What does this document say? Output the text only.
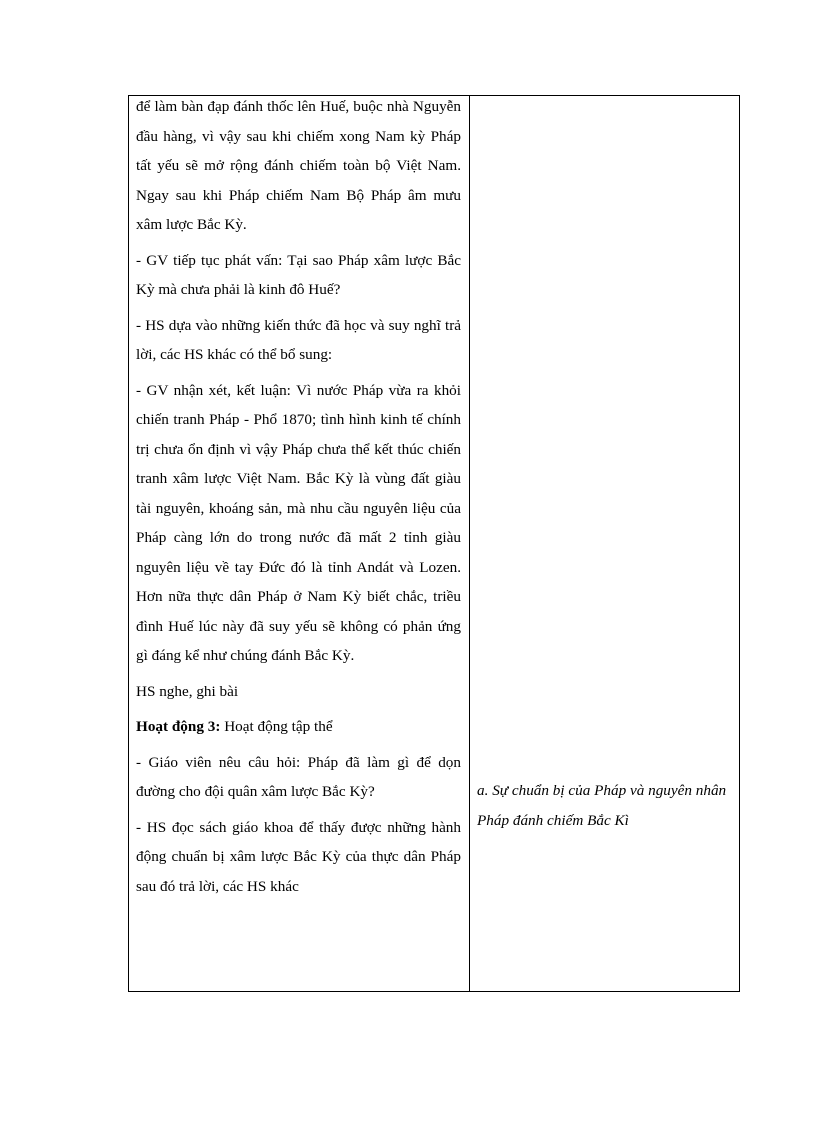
để làm bàn đạp đánh thốc lên Huế, buộc nhà Nguyễn đầu hàng, vì vậy sau khi chiếm xong Nam kỳ Pháp tất yếu sẽ mở rộng đánh chiếm toàn bộ Việt Nam. Ngay sau khi Pháp chiếm Nam Bộ Pháp âm mưu xâm lược Bắc Kỳ.

- GV tiếp tục phát vấn: Tại sao Pháp xâm lược Bắc Kỳ mà chưa phải là kinh đô Huế?

- HS dựa vào những kiến thức đã học và suy nghĩ trả lời, các HS khác có thể bổ sung:

- GV nhận xét, kết luận: Vì nước Pháp vừa ra khỏi chiến tranh Pháp - Phổ 1870; tình hình kinh tế chính trị chưa ổn định vì vậy Pháp chưa thể kết thúc chiến tranh xâm lược Việt Nam. Bắc Kỳ là vùng đất giàu tài nguyên, khoáng sản, mà nhu cầu nguyên liệu của Pháp càng lớn do trong nước đã mất 2 tỉnh giàu nguyên liệu về tay Đức đó là tỉnh Andát và Lozen. Hơn nữa thực dân Pháp ở Nam Kỳ biết chắc, triều đình Huế lúc này đã suy yếu sẽ không có phản ứng gì đáng kể như chúng đánh Bắc Kỳ.

HS nghe, ghi bài

Hoạt động 3: Hoạt động tập thể

- Giáo viên nêu câu hỏi: Pháp đã làm gì để dọn đường cho đội quân xâm lược Bắc Kỳ?

- HS đọc sách giáo khoa để thấy được những hành động chuẩn bị xâm lược Bắc Kỳ của thực dân Pháp sau đó trả lời, các HS khác

a. Sự chuẩn bị của Pháp và nguyên nhân Pháp đánh chiếm Bắc Kì
